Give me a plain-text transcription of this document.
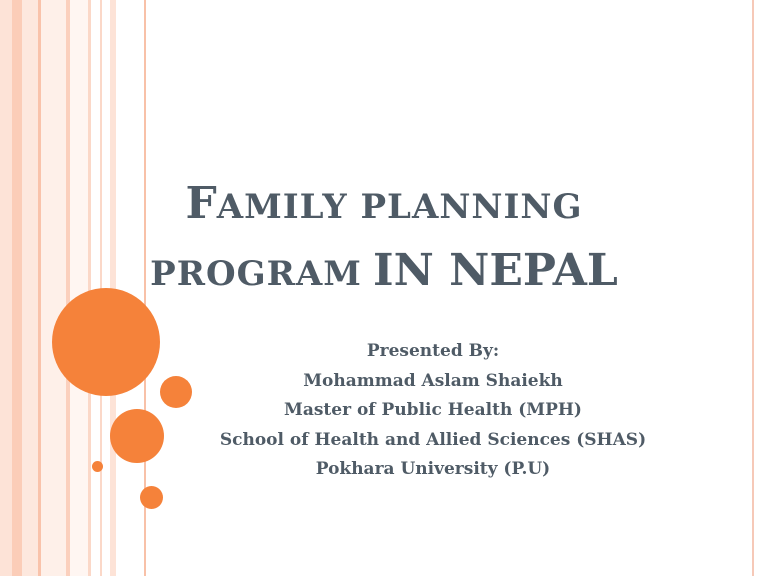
FAMILY PLANNING
PROGRAM IN NEPAL
Presented By:
Mohammad Aslam Shaiekh
Master of Public Health (MPH)
School of Health and Allied Sciences (SHAS)
Pokhara University (P.U)
